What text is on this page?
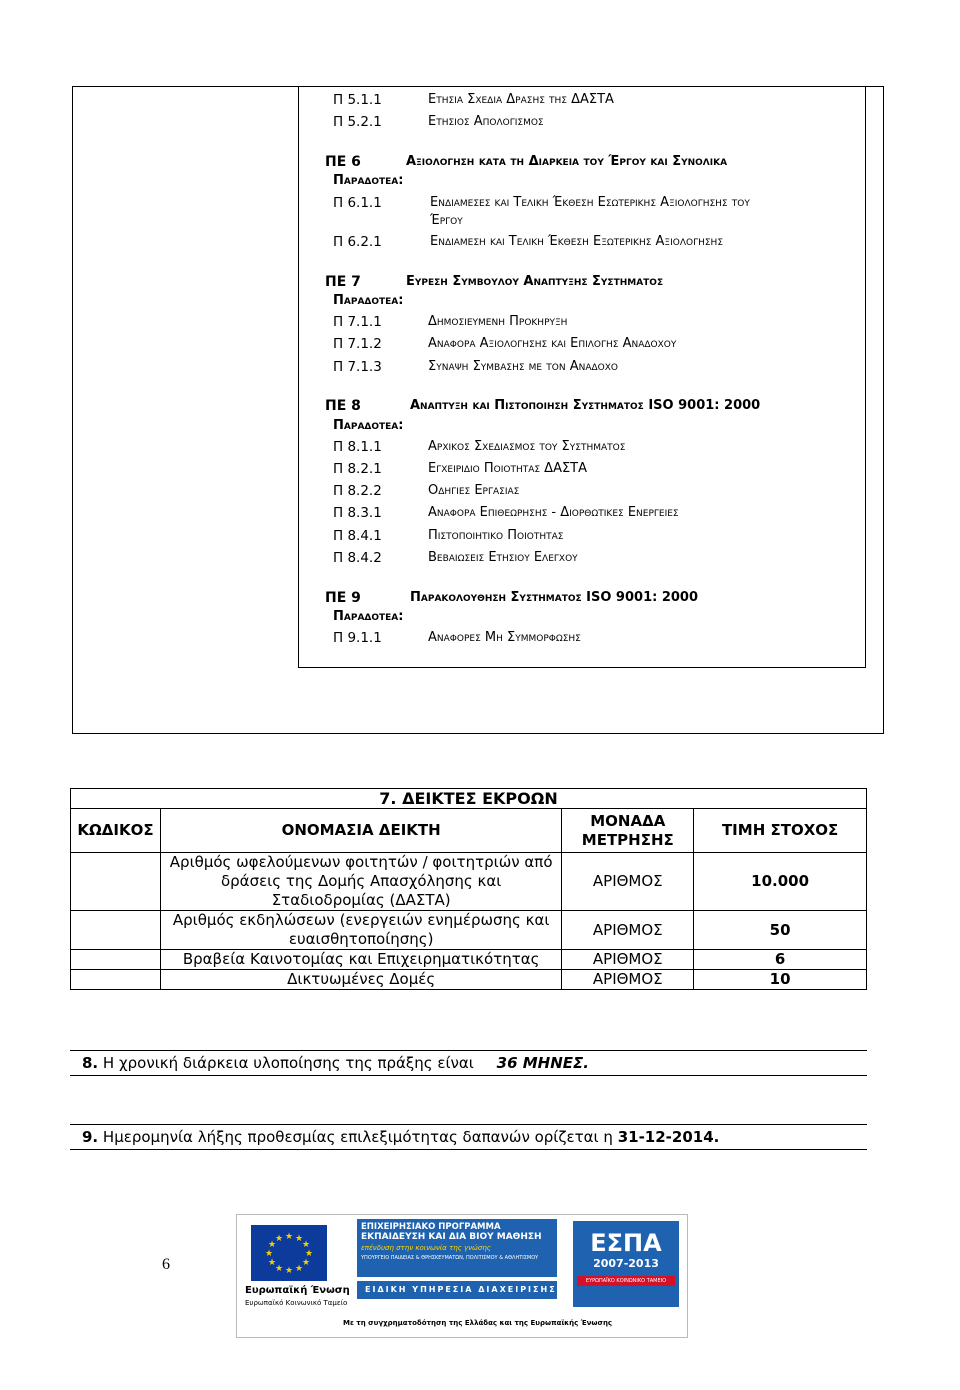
Π 5.1.1	Ετησια Σχεδια Δρασης της ΔΑΣΤΑ
Π 5.2.1	Ετησιος Απολογισμος
ΠΕ 6	Αξιολογηση κατα τη Διαρκεια του Έργου και Συνολικα
Παραδοτεα:
Π 6.1.1	Ενδιαμεσες και Τελικη Έκθεση Εσωτερικης Αξιολογησης του
Έργου
Π 6.2.1	Ενδιαμεση και Τελικη Έκθεση Εξωτερικης Αξιολογησης
ΠΕ 7	Ευρεση Συμβουλου Αναπτυξης Συστηματος
Παραδοτεα:
Π 7.1.1	Δημοσιευμενη Προκηρυξη
Π 7.1.2	Αναφορα Αξιολογησης και Επιλογης Αναδοχου
Π 7.1.3	Συναψη Συμβασης με τον Αναδοχο
ΠΕ 8	Αναπτυξη και Πιστοποιηση Συστηματος ISO 9001: 2000
Παραδοτεα:
Π 8.1.1	Αρχικος Σχεδιασμος του Συστηματος
Π 8.2.1	Εγχειριδιο Ποιοτητας ΔΑΣΤΑ
Π 8.2.2	Οδηγιες Εργασιας
Π 8.3.1	Αναφορα Επιθεωρησης - Διορθωτικες Ενεργειες
Π 8.4.1	Πιστοποιητικο Ποιοτητας
Π 8.4.2	Βεβαιωσεις Ετησιου Ελεγχου
ΠΕ 9	Παρακολουθηση Συστηματος ISO 9001: 2000
Παραδοτεα:
Π 9.1.1	Αναφορες Μη Συμμορφωσης
7. ΔΕΙΚΤΕΣ ΕΚΡΟΩΝ			
ΚΩΔΙΚΟΣ	ΟΝΟΜΑΣΙΑ ΔΕΙΚΤΗ	ΜΟΝΑΔΑ ΜΕΤΡΗΣΗΣ	ΤΙΜΗ ΣΤΟΧΟΣ
	Αριθμός ωφελούμενων φοιτητών / φοιτητριών από δράσεις της Δομής Απασχόλησης και Σταδιοδρομίας (ΔΑΣΤΑ)	ΑΡΙΘΜΟΣ	10.000
	Αριθμός εκδηλώσεων (ενεργειών ενημέρωσης και ευαισθητοποίησης)	ΑΡΙΘΜΟΣ	50
	Βραβεία Καινοτομίας και Επιχειρηματικότητας	ΑΡΙΘΜΟΣ	6
	Δικτυωμένες Δομές	ΑΡΙΘΜΟΣ	10
8. Η χρονική διάρκεια υλοποίησης της πράξης είναι 36 ΜΗΝΕΣ.
9. Ημερομηνία λήξης προθεσμίας επιλεξιμότητας δαπανών ορίζεται η 31-12-2014.
6
★ ★
★
★
★
★
★
★
★
★
★
★
Ευρωπαϊκή Ένωση
Ευρωπαϊκό Κοινωνικό Ταμείο
ΕΠΙΧΕΙΡΗΣΙΑΚΟ ΠΡΟΓΡΑΜΜΑ
ΕΚΠΑΙΔΕΥΣΗ ΚΑΙ ΔΙΑ ΒΙΟΥ ΜΑΘΗΣΗ
επένδυση στην κοινωνία της γνώσης
ΥΠΟΥΡΓΕΙΟ ΠΑΙΔΕΙΑΣ & ΘΡΗΣΚΕΥΜΑΤΩΝ, ΠΟΛΙΤΙΣΜΟΥ & ΑΘΛΗΤΙΣΜΟΥ
ΕΙΔΙΚΗ ΥΠΗΡΕΣΙΑ ΔΙΑΧΕΙΡΙΣΗΣ
Με τη συγχρηματοδότηση της Ελλάδας και της Ευρωπαϊκής Ένωσης
ΕΣΠΑ
2007-2013
ΕΥΡΩΠΑΪΚΟ ΚΟΙΝΩΝΙΚΟ ΤΑΜΕΙΟ
